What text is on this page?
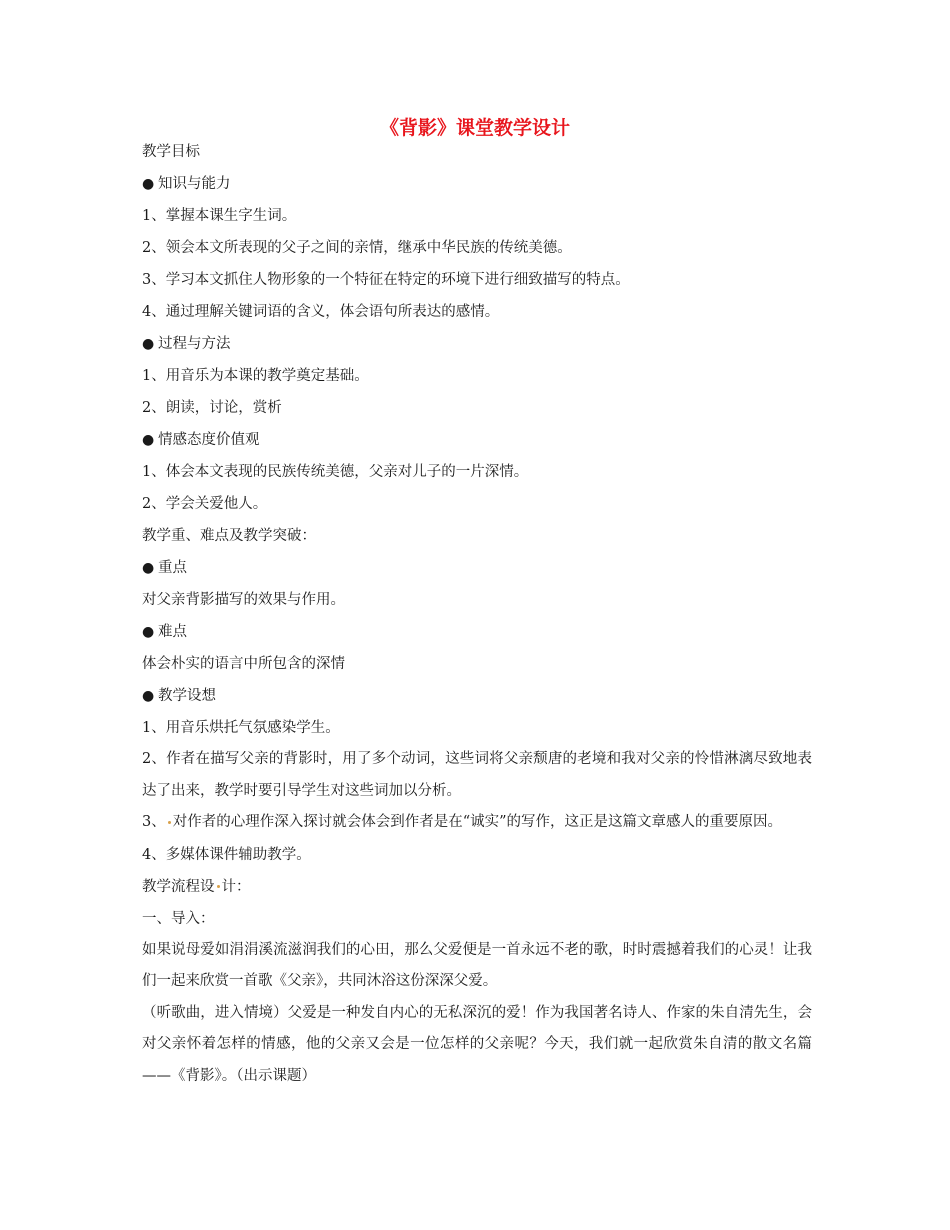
《背影》课堂教学设计
教学目标
● 知识与能力
1、掌握本课生字生词。
2、领会本文所表现的父子之间的亲情，继承中华民族的传统美德。
3、学习本文抓住人物形象的一个特征在特定的环境下进行细致描写的特点。
4、通过理解关键词语的含义，体会语句所表达的感情。
● 过程与方法
1、用音乐为本课的教学奠定基础。
2、朗读，讨论，赏析
● 情感态度价值观
1、体会本文表现的民族传统美德，父亲对儿子的一片深情。
2、学会关爱他人。
教学重、难点及教学突破：
● 重点
对父亲背影描写的效果与作用。
● 难点
体会朴实的语言中所包含的深情
● 教学设想
1、用音乐烘托气氛感染学生。
2、作者在描写父亲的背影时，用了多个动词，这些词将父亲颓唐的老境和我对父亲的怜惜淋漓尽致地表达了出来，教学时要引导学生对这些词加以分析。
3、 对作者的心理作深入探讨就会体会到作者是在“诚实”的写作，这正是这篇文章感人的重要原因。
4、多媒体课件辅助教学。
教学流程设 计：
一、导入：
如果说母爱如涓涓溪流滋润我们的心田，那么父爱便是一首永远不老的歌，时时震撼着我们的心灵！让我们一起来欣赏一首歌《父亲》，共同沐浴这份深深父爱。
（听歌曲，进入情境）父爱是一种发自内心的无私深沉的爱！作为我国著名诗人、作家的朱自清先生，会对父亲怀着怎样的情感，他的父亲又会是一位怎样的父亲呢？今天，我们就一起欣赏朱自清的散文名篇——《背影》。（出示课题）
